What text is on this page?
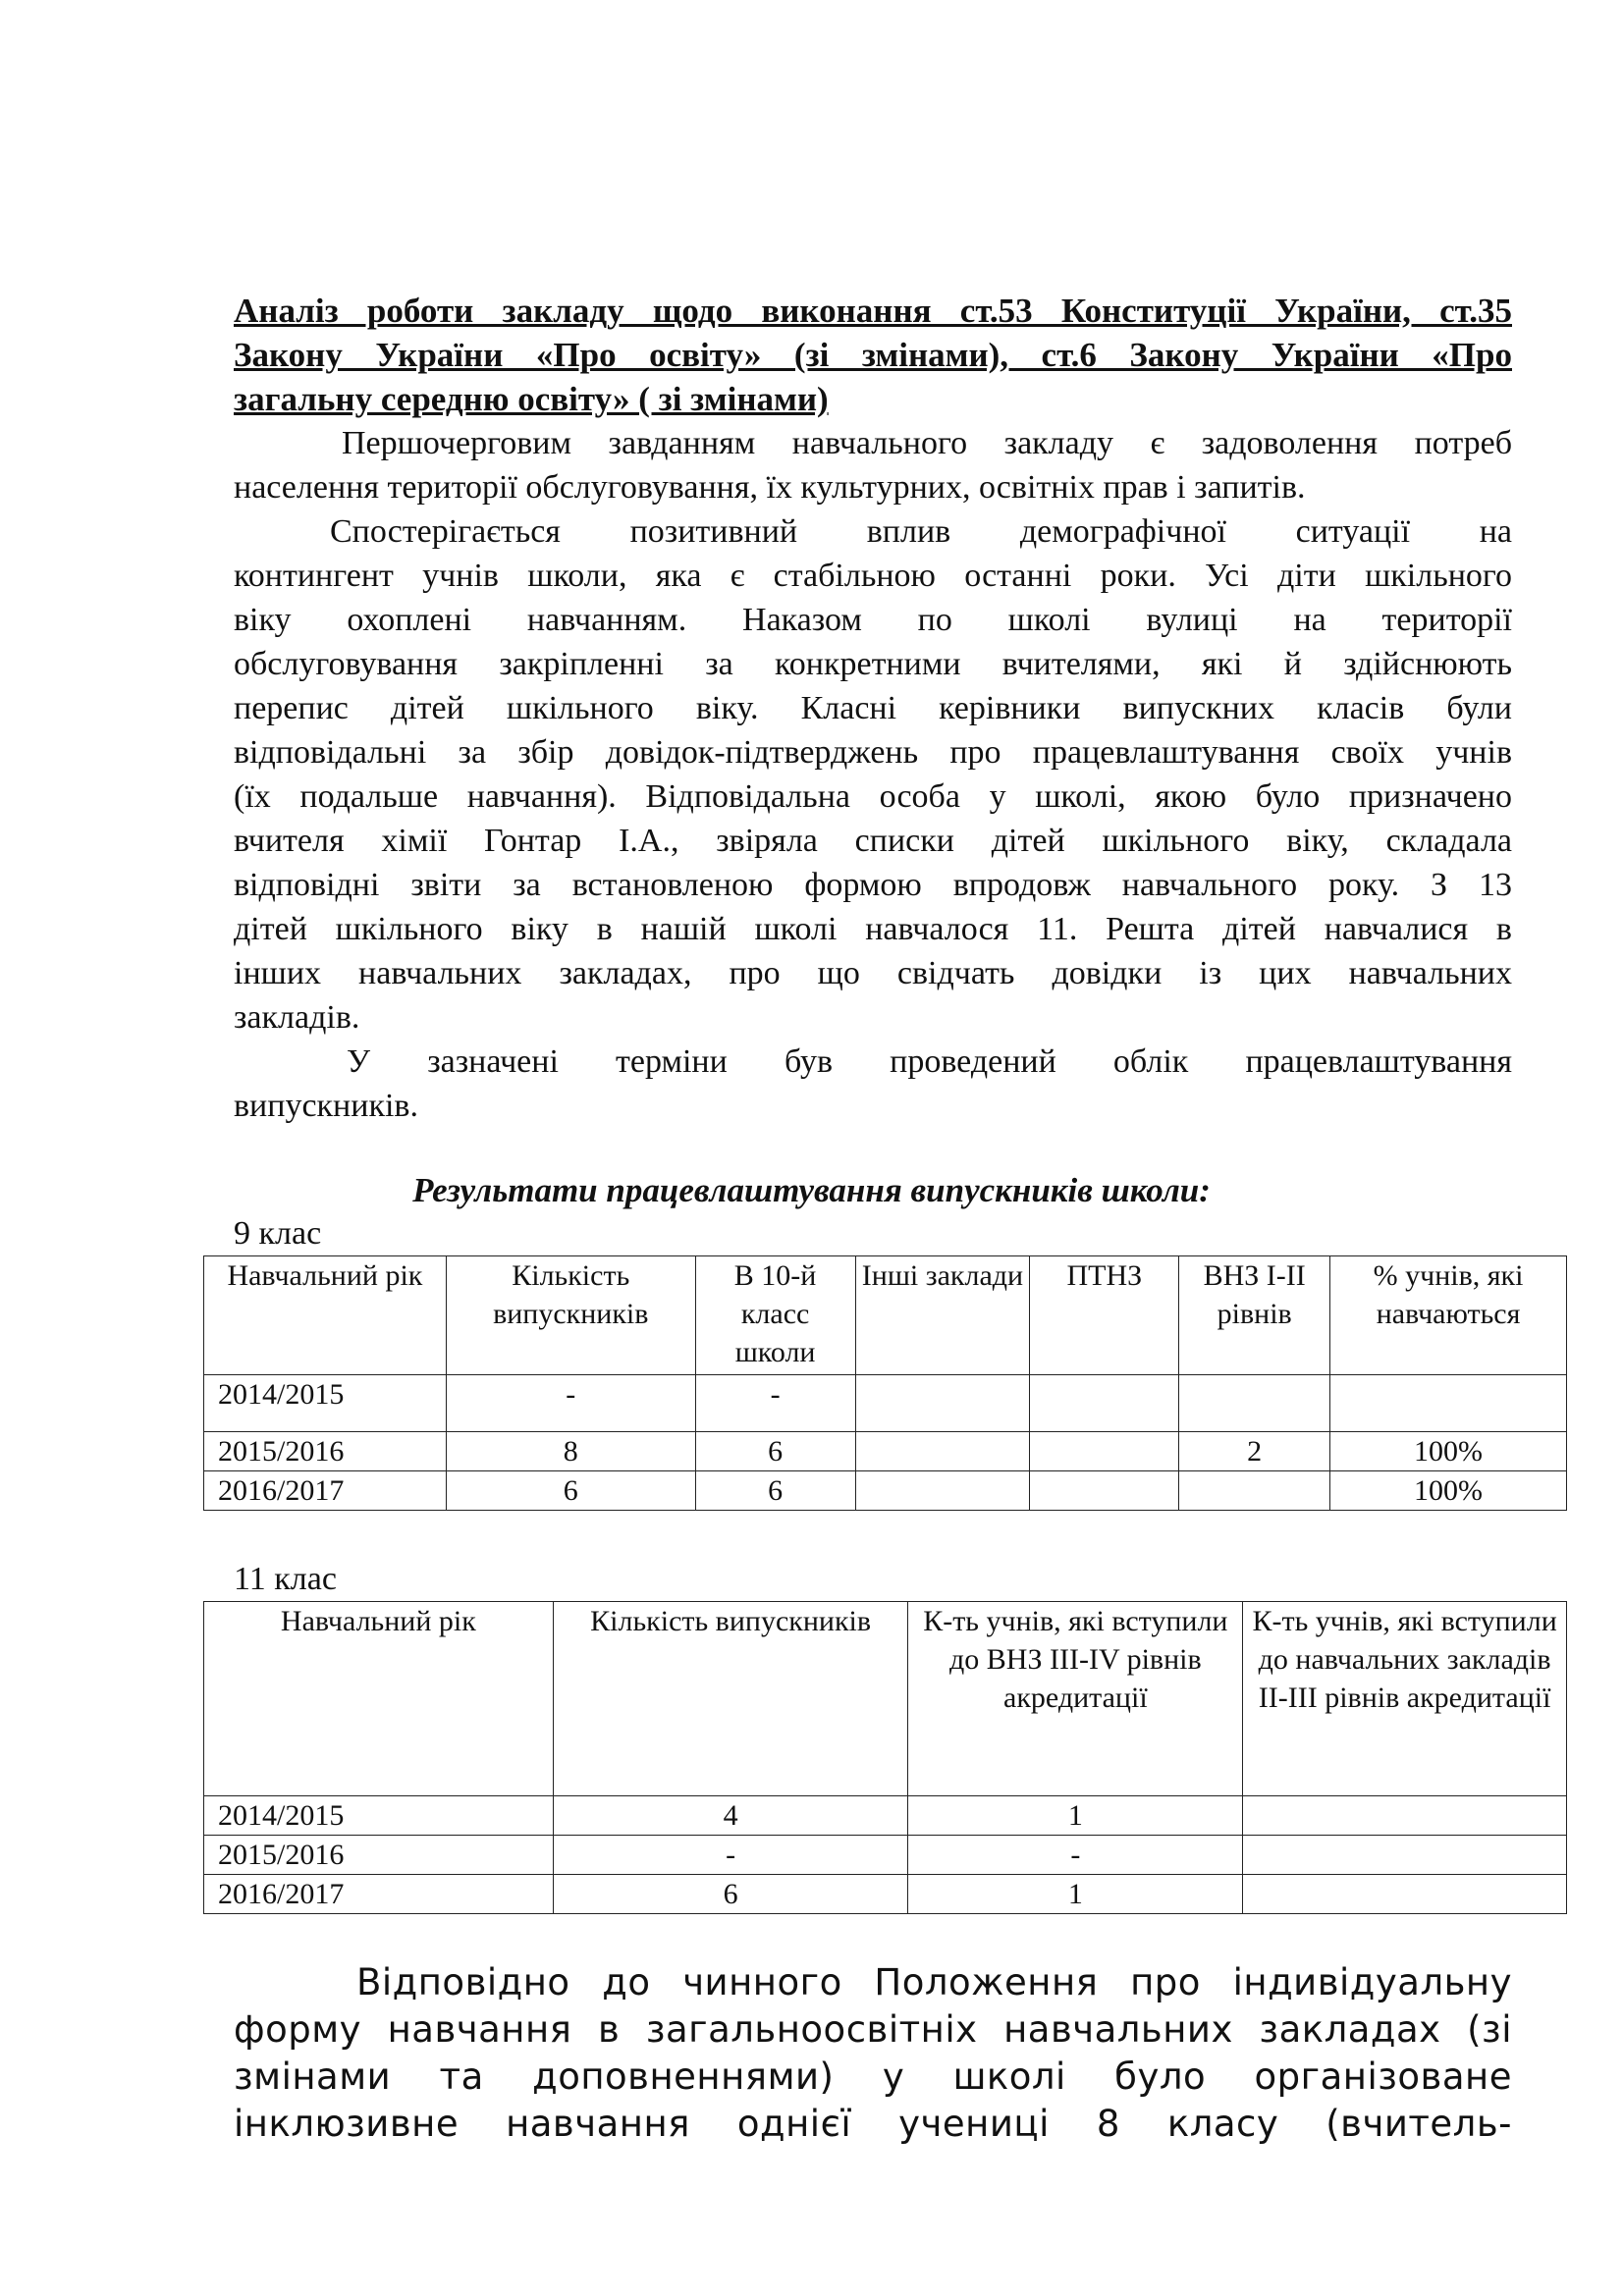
Аналіз роботи закладу щодо виконання ст.53 Конституції України, ст.35
Закону України «Про освіту» (зі змінами), ст.6 Закону України «Про
загальну середню освіту» ( зі змінами)
Першочерговим завданням навчального закладу є задоволення потреб
населення території обслуговування, їх культурних, освітніх прав і запитів.
Спостерігається позитивний вплив демографічної ситуації на
контингент учнів школи, яка є стабільною останні роки. Усі діти шкільного
віку охоплені навчанням. Наказом по школі вулиці на території
обслуговування закріпленні за конкретними вчителями, які й здійснюють
перепис дітей шкільного віку. Класні керівники випускних класів були
відповідальні за збір довідок-підтверджень про працевлаштування своїх учнів
(їх подальше навчання). Відповідальна особа у школі, якою було призначено
вчителя хімії Гонтар І.А., звіряла списки дітей шкільного віку, складала
відповідні звіти за встановленою формою впродовж навчального року. З 13
дітей шкільного віку в нашій школі навчалося 11. Решта дітей навчалися в
інших навчальних закладах, про що свідчать довідки із цих навчальних
закладів.
У зазначені терміни був проведений облік працевлаштування
випускників.
Результати працевлаштування випускників школи:
9 клас
Навчальний рік	Кількість випускників	В 10-й класс школи	Інші заклади	ПТНЗ	ВНЗ І-ІІ рівнів	% учнів, які навчаються
2014/2015	-	-				
2015/2016	8	6			2	100%
2016/2017	6	6				100%
11 клас
Навчальний рік	Кількість випускників	К-ть учнів, які вступили до ВНЗ ІІІ-ІV рівнів акредитації	К-ть учнів, які вступили до навчальних закладів ІІ-ІІІ рівнів акредитації
2014/2015	4	1	
2015/2016	-	-	
2016/2017	6	1	
Відповідно до чинного Положення про індивідуальну
форму навчання в загальноосвітніх навчальних закладах (зі
змінами та доповненнями) у школі було організоване
інклюзивне навчання однієї учениці 8 класу (вчитель-
